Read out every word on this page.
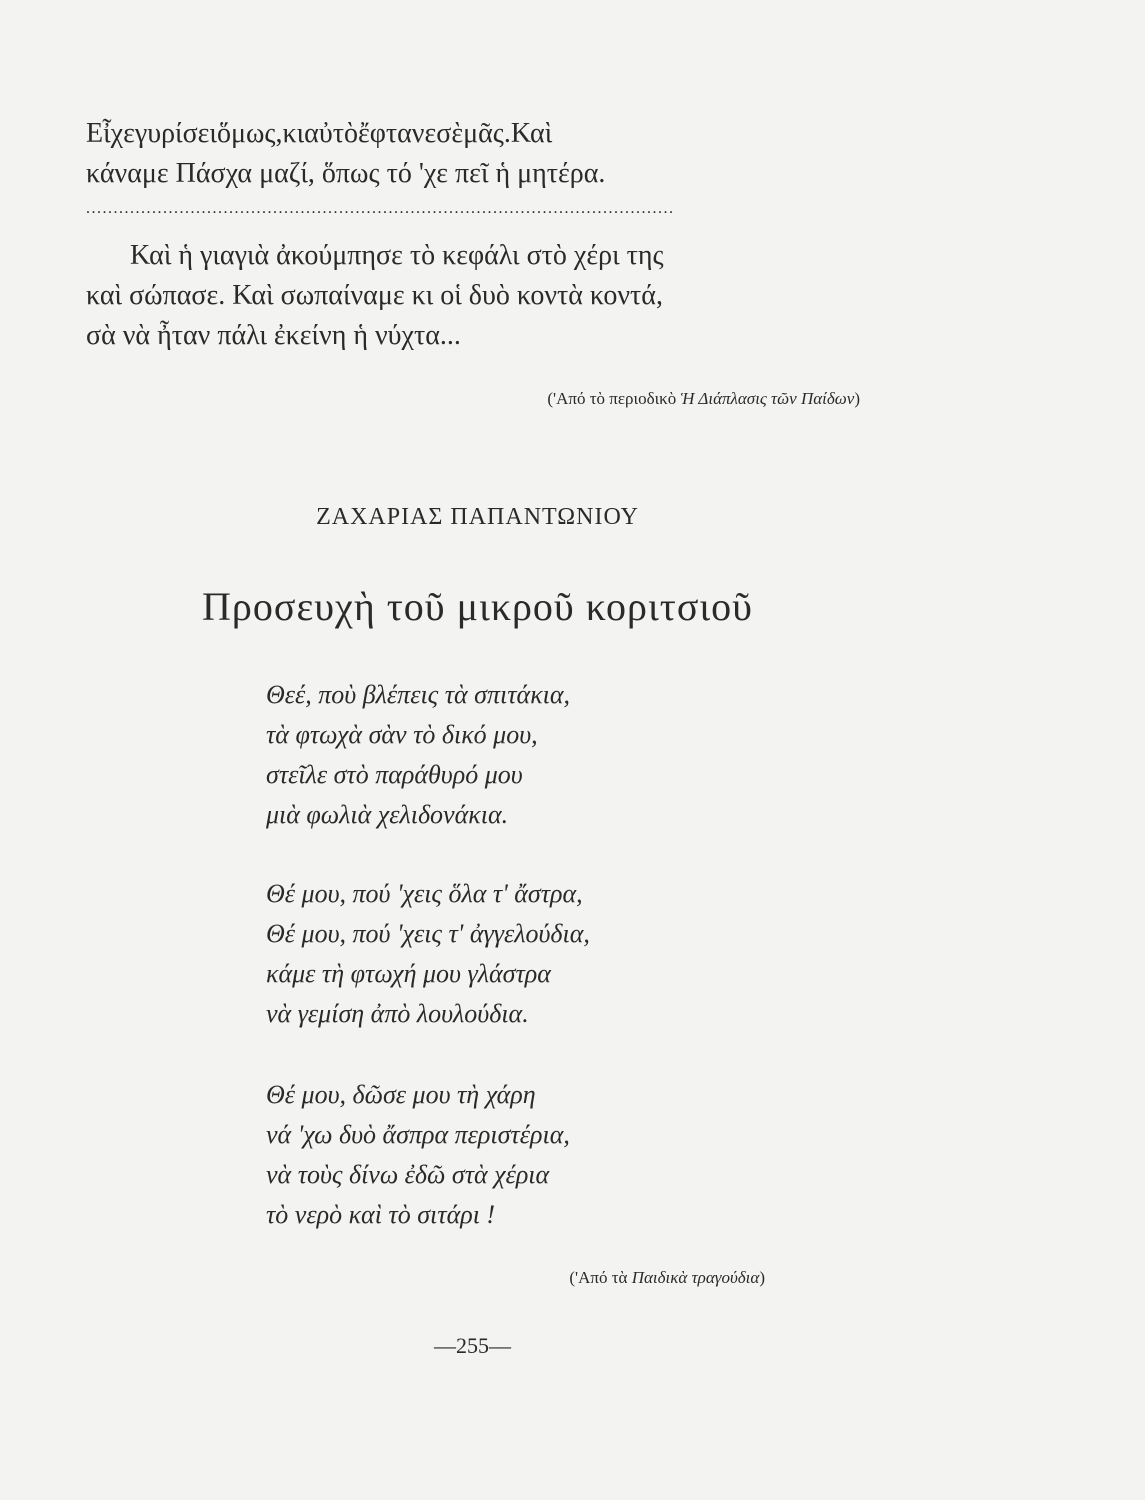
Εἶχεγυρίσειὅμως,κιαὐτὸἔφτανεσὲμᾶς.Καὶ
κάναμε Πάσχα μαζί, ὅπως τό 'χε πεῖ ἡ μητέρα.
...........................................................................................................
Καὶ ἡ γιαγιὰ ἀκούμπησε τὸ κεφάλι στὸ χέρι της
καὶ σώπασε. Καὶ σωπαίναμε κι οἱ δυὸ κοντὰ κοντά,
σὰ νὰ ἦταν πάλι ἐκείνη ἡ νύχτα...
('Από τὸ περιοδικὸ Ἡ Διάπλασις τῶν Παίδων)
ΖΑΧΑΡΙΑΣ ΠΑΠΑΝΤΩΝΙΟΥ
Προσευχὴ τοῦ μικροῦ κοριτσιοῦ
Θεέ, ποὺ βλέπεις τὰ σπιτάκια,
τὰ φτωχὰ σὰν τὸ δικό μου,
στεῖλε στὸ παράθυρό μου
μιὰ φωλιὰ χελιδονάκια.
Θέ μου, πού 'χεις ὅλα τ' ἄστρα,
Θέ μου, πού 'χεις τ' ἀγγελούδια,
κάμε τὴ φτωχή μου γλάστρα
νὰ γεμίση ἀπὸ λουλούδια.
Θέ μου, δῶσε μου τὴ χάρη
νά 'χω δυὸ ἄσπρα περιστέρια,
νὰ τοὺς δίνω ἐδῶ στὰ χέρια
τὸ νερὸ καὶ τὸ σιτάρι !
('Από τὰ Παιδικὰ τραγούδια)
—255—
